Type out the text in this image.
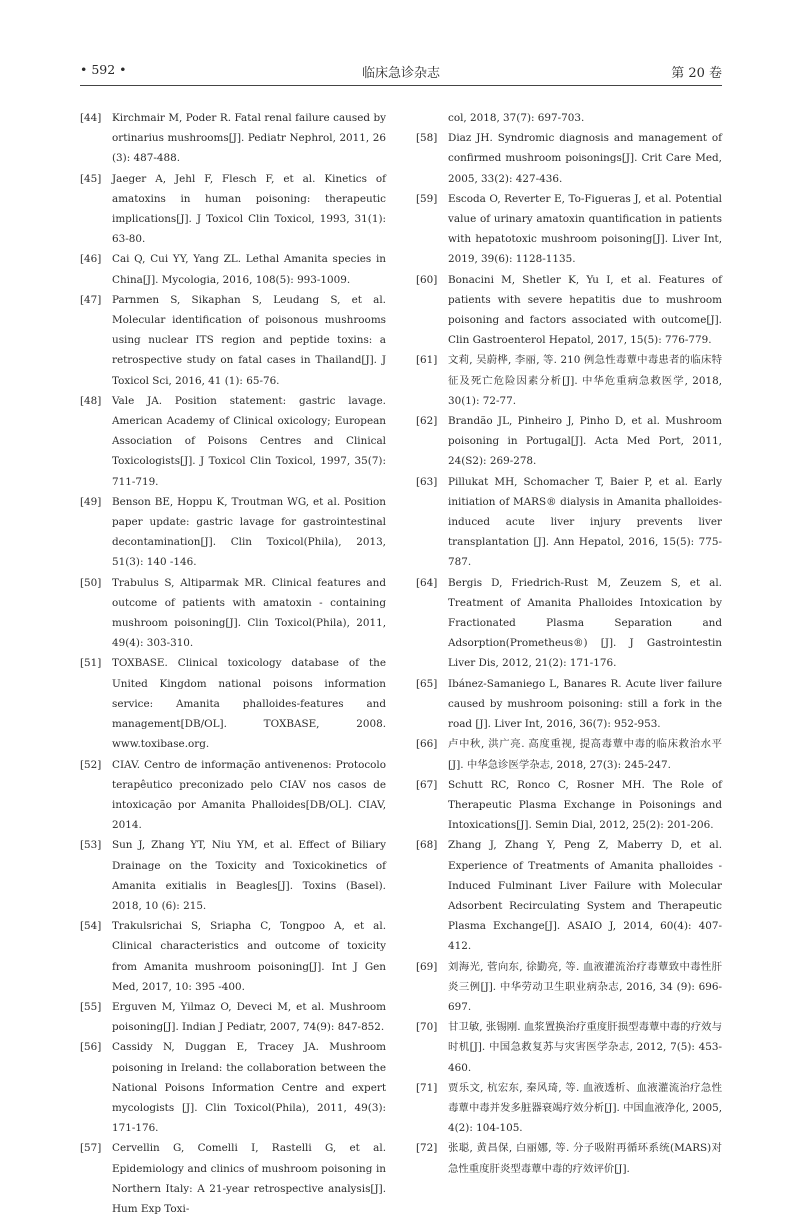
• 592 •	临床急诊杂志	第 20 卷
[44] Kirchmair M, Poder R. Fatal renal failure caused by ortinarius mushrooms[J]. Pediatr Nephrol, 2011, 26 (3): 487-488.
[45] Jaeger A, Jehl F, Flesch F, et al. Kinetics of amatoxins in human poisoning: therapeutic implications[J]. J Toxicol Clin Toxicol, 1993, 31(1): 63-80.
[46] Cai Q, Cui YY, Yang ZL. Lethal Amanita species in China[J]. Mycologia, 2016, 108(5): 993-1009.
[47] Parnmen S, Sikaphan S, Leudang S, et al. Molecular identification of poisonous mushrooms using nuclear ITS region and peptide toxins: a retrospective study on fatal cases in Thailand[J]. J Toxicol Sci, 2016, 41 (1): 65-76.
[48] Vale JA. Position statement: gastric lavage. American Academy of Clinical oxicology; European Association of Poisons Centres and Clinical Toxicologists[J]. J Toxicol Clin Toxicol, 1997, 35(7): 711-719.
[49] Benson BE, Hoppu K, Troutman WG, et al. Position paper update: gastric lavage for gastrointestinal decontamination[J]. Clin Toxicol(Phila), 2013, 51(3): 140 -146.
[50] Trabulus S, Altiparmak MR. Clinical features and outcome of patients with amatoxin - containing mushroom poisoning[J]. Clin Toxicol(Phila), 2011, 49(4): 303-310.
[51] TOXBASE. Clinical toxicology database of the United Kingdom national poisons information service: Amanita phalloides-features and management[DB/OL]. TOXBASE, 2008. www.toxibase.org.
[52] CIAV. Centro de informação antivenenos: Protocolo terapêutico preconizado pelo CIAV nos casos de intoxicação por Amanita Phalloides[DB/OL]. CIAV, 2014.
[53] Sun J, Zhang YT, Niu YM, et al. Effect of Biliary Drainage on the Toxicity and Toxicokinetics of Amanita exitialis in Beagles[J]. Toxins (Basel). 2018, 10 (6): 215.
[54] Trakulsrichai S, Sriapha C, Tongpoo A, et al. Clinical characteristics and outcome of toxicity from Amanita mushroom poisoning[J]. Int J Gen Med, 2017, 10: 395 -400.
[55] Erguven M, Yilmaz O, Deveci M, et al. Mushroom poisoning[J]. Indian J Pediatr, 2007, 74(9): 847-852.
[56] Cassidy N, Duggan E, Tracey JA. Mushroom poisoning in Ireland: the collaboration between the National Poisons Information Centre and expert mycologists [J]. Clin Toxicol(Phila), 2011, 49(3): 171-176.
[57] Cervellin G, Comelli I, Rastelli G, et al. Epidemiology and clinics of mushroom poisoning in Northern Italy: A 21-year retrospective analysis[J]. Hum Exp Toxi-
col, 2018, 37(7): 697-703.
[58] Diaz JH. Syndromic diagnosis and management of confirmed mushroom poisonings[J]. Crit Care Med, 2005, 33(2): 427-436.
[59] Escoda O, Reverter E, To-Figueras J, et al. Potential value of urinary amatoxin quantification in patients with hepatotoxic mushroom poisoning[J]. Liver Int, 2019, 39(6): 1128-1135.
[60] Bonacini M, Shetler K, Yu I, et al. Features of patients with severe hepatitis due to mushroom poisoning and factors associated with outcome[J]. Clin Gastroenterol Hepatol, 2017, 15(5): 776-779.
[61] 文莉, 吴蔚桦, 李丽, 等. 210 例急性毒蕈中毒患者的临床特征及死亡危险因素分析[J]. 中华危重病急救医学, 2018, 30(1): 72-77.
[62] Brandão JL, Pinheiro J, Pinho D, et al. Mushroom poisoning in Portugal[J]. Acta Med Port, 2011, 24(S2): 269-278.
[63] Pillukat MH, Schomacher T, Baier P, et al. Early initiation of MARS® dialysis in Amanita phalloides-induced acute liver injury prevents liver transplantation [J]. Ann Hepatol, 2016, 15(5): 775-787.
[64] Bergis D, Friedrich-Rust M, Zeuzem S, et al. Treatment of Amanita Phalloides Intoxication by Fractionated Plasma Separation and Adsorption(Prometheus®) [J]. J Gastrointestin Liver Dis, 2012, 21(2): 171-176.
[65] Ibánez-Samaniego L, Banares R. Acute liver failure caused by mushroom poisoning: still a fork in the road [J]. Liver Int, 2016, 36(7): 952-953.
[66] 卢中秋, 洪广亮. 高度重视, 提高毒蕈中毒的临床救治水平[J]. 中华急诊医学杂志, 2018, 27(3): 245-247.
[67] Schutt RC, Ronco C, Rosner MH. The Role of Therapeutic Plasma Exchange in Poisonings and Intoxications[J]. Semin Dial, 2012, 25(2): 201-206.
[68] Zhang J, Zhang Y, Peng Z, Maberry D, et al. Experience of Treatments of Amanita phalloides - Induced Fulminant Liver Failure with Molecular Adsorbent Recirculating System and Therapeutic Plasma Exchange[J]. ASAIO J, 2014, 60(4): 407-412.
[69] 刘海光, 菅向东, 徐勤亮, 等. 血液灌流治疗毒蕈致中毒性肝炎三例[J]. 中华劳动卫生职业病杂志, 2016, 34 (9): 696-697.
[70] 甘卫敏, 张锡刚. 血浆置换治疗重度肝损型毒蕈中毒的疗效与时机[J]. 中国急救复苏与灾害医学杂志, 2012, 7(5): 453-460.
[71] 贾乐文, 杭宏东, 秦风琦, 等. 血液透析、血液灌流治疗急性毒蕈中毒并发多脏器衰竭疗效分析[J]. 中国血液净化, 2005, 4(2): 104-105.
[72] 张聪, 黄昌保, 白丽娜, 等. 分子吸附再循环系统(MARS)对急性重度肝炎型毒蕈中毒的疗效评价[J].
